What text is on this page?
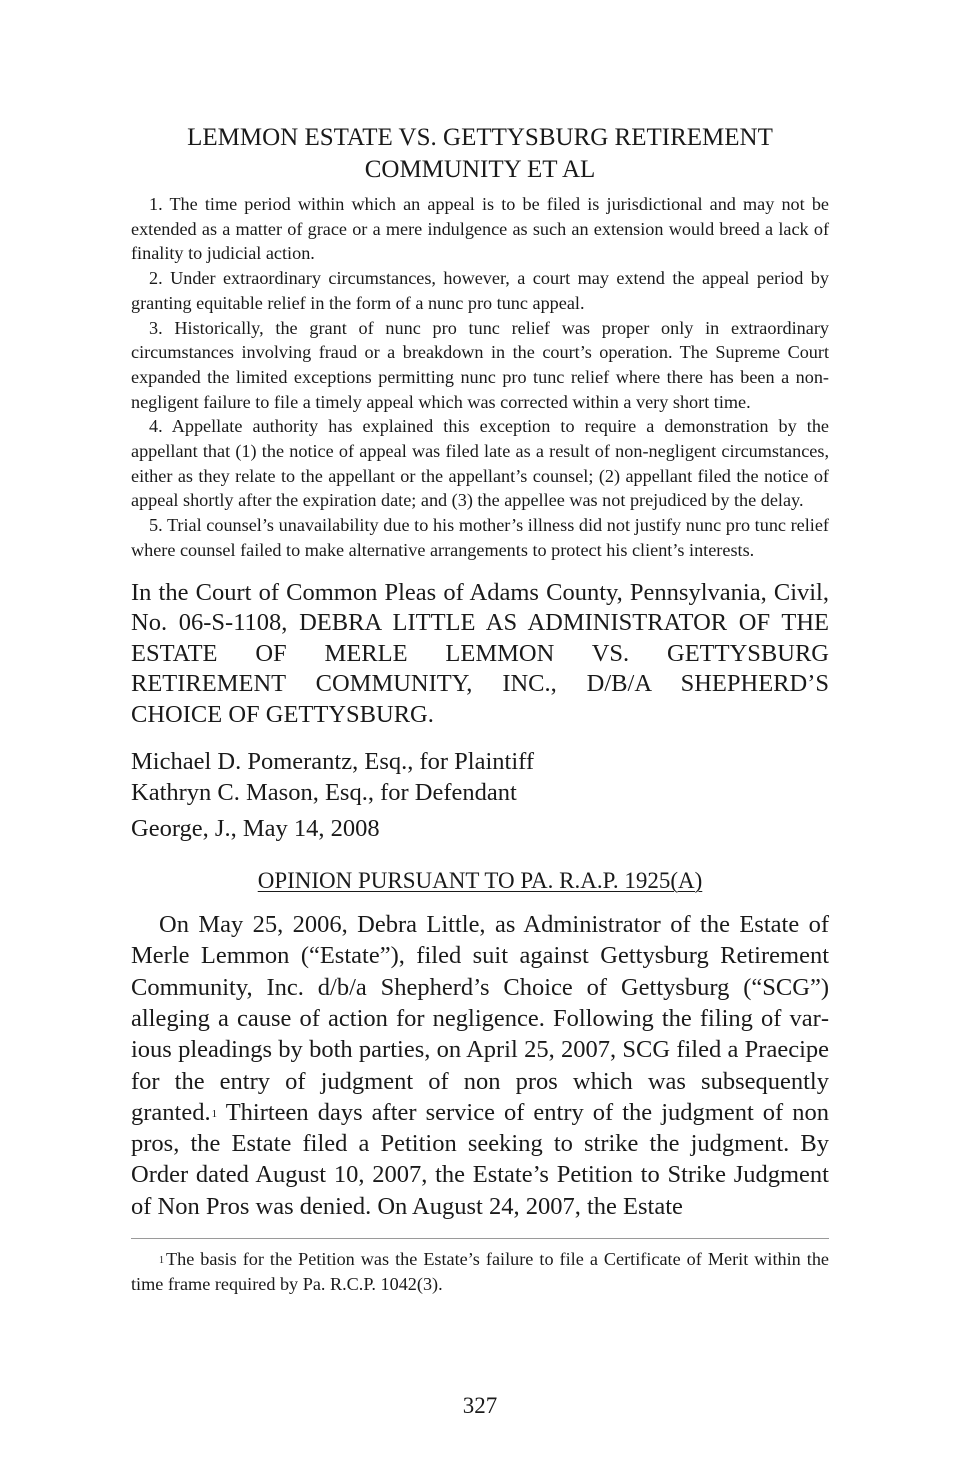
LEMMON ESTATE VS. GETTYSBURG RETIREMENT
COMMUNITY ET AL

1. The time period within which an appeal is to be filed is jurisdictional and may not be extended as a matter of grace or a mere indulgence as such an extension would breed a lack of finality to judicial action.

2. Under extraordinary circumstances, however, a court may extend the appeal period by granting equitable relief in the form of a nunc pro tunc appeal.

3. Historically, the grant of nunc pro tunc relief was proper only in extraordinary circumstances involving fraud or a breakdown in the court’s operation. The Supreme Court expanded the limited exceptions permitting nunc pro tunc relief where there has been a non-negligent failure to file a timely appeal which was corrected within a very short time.

4. Appellate authority has explained this exception to require a demonstration by the appellant that (1) the notice of appeal was filed late as a result of non-negligent circumstances, either as they relate to the appellant or the appellant’s counsel; (2) appellant filed the notice of appeal shortly after the expiration date; and (3) the appellee was not prejudiced by the delay.

5. Trial counsel’s unavailability due to his mother’s illness did not justify nunc pro tunc relief where counsel failed to make alternative arrangements to protect his client’s interests.

In the Court of Common Pleas of Adams County, Pennsylvania, Civil, No. 06-S-1108, DEBRA LITTLE AS ADMINISTRATOR OF THE ESTATE OF MERLE LEMMON VS. GETTYSBURG RETIREMENT COMMUNITY, INC., D/B/A SHEPHERD’S CHOICE OF GETTYSBURG.

Michael D. Pomerantz, Esq., for Plaintiff
Kathryn C. Mason, Esq., for Defendant
George, J., May 14, 2008
OPINION PURSUANT TO PA. R.A.P. 1925(A)

On May 25, 2006, Debra Little, as Administrator of the Estate of Merle Lemmon (“Estate”), filed suit against Gettysburg Retirement Community, Inc. d/b/a Shepherd’s Choice of Gettysburg (“SCG”) alleging a cause of action for negligence. Following the filing of various pleadings by both parties, on April 25, 2007, SCG filed a Praecipe for the entry of judgment of non pros which was subsequently granted.$^1$ Thirteen days after service of entry of the judgment of non pros, the Estate filed a Petition seeking to strike the judgment. By Order dated August 10, 2007, the Estate’s Petition to Strike Judgment of Non Pros was denied. On August 24, 2007, the Estate

$^1$ The basis for the Petition was the Estate’s failure to file a Certificate of Merit within the time frame required by Pa. R.C.P. 1042(3).

327
